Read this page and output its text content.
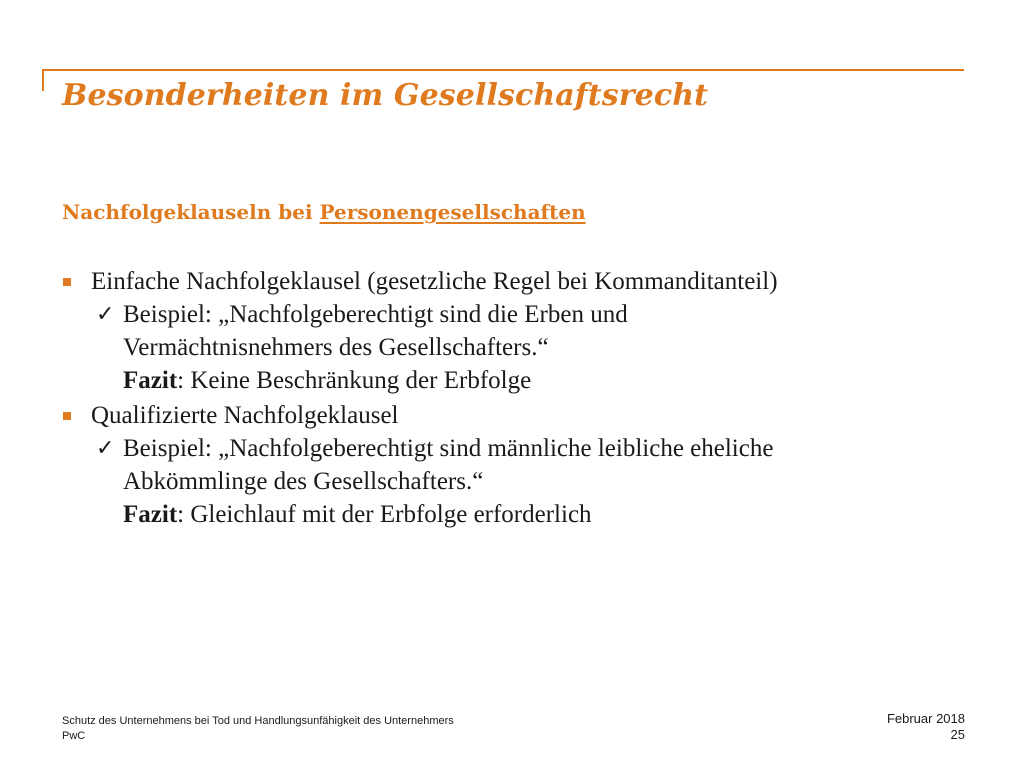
Besonderheiten im Gesellschaftsrecht
Nachfolgeklauseln bei Personengesellschaften
Einfache Nachfolgeklausel (gesetzliche Regel bei Kommanditanteil)
✓ Beispiel: „Nachfolgeberechtigt sind die Erben und
Vermächtnisnehmers des Gesellschafters.“
Fazit: Keine Beschränkung der Erbfolge
Qualifizierte Nachfolgeklausel
✓ Beispiel: „Nachfolgeberechtigt sind männliche leibliche eheliche
Abkömmlinge des Gesellschafters.“
Fazit: Gleichlauf mit der Erbfolge erforderlich
Schutz des Unternehmens bei Tod und Handlungsunfähigkeit des Unternehmers
PwC
Februar 2018
25
